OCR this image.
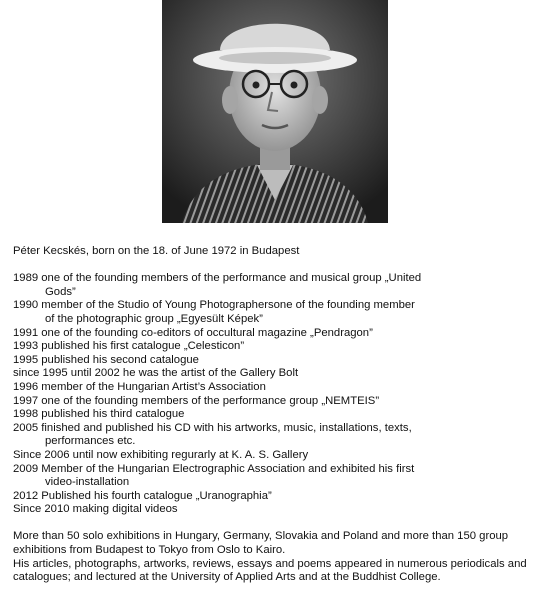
Péter Kecskés, born on the 18. of June 1972 in Budapest

1989 one of the founding members of the performance and musical group „United
Gods”
1990 member of the Studio of Young Photographersone of the founding member
of the photographic group „Egyesült Képek”
1991 one of the founding co-editors of occultural magazine „Pendragon”
1993 published his first catalogue „Celesticon”
1995 published his second catalogue
since 1995 until 2002 he was the artist of the Gallery Bolt
1996 member of the Hungarian Artist’s Association
1997 one of the founding members of the performance group „NEMTEIS”
1998 published his third catalogue
2005 finished and published his CD with his artworks, music, installations, texts,
performances etc.
Since 2006 until now exhibiting regurarly at K. A. S. Gallery
2009 Member of the Hungarian Electrographic Association and exhibited his first
video-installation
2012 Published his fourth catalogue „Uranographia”
Since 2010 making digital videos

More than 50 solo exhibitions in Hungary, Germany, Slovakia and Poland and more than 150 group exhibitions from Budapest to Tokyo from Oslo to Kairo.

His articles, photographs, artworks, reviews, essays and poems appeared in numerous periodicals and catalogues; and lectured at the University of Applied Arts and at the Buddhist College.
